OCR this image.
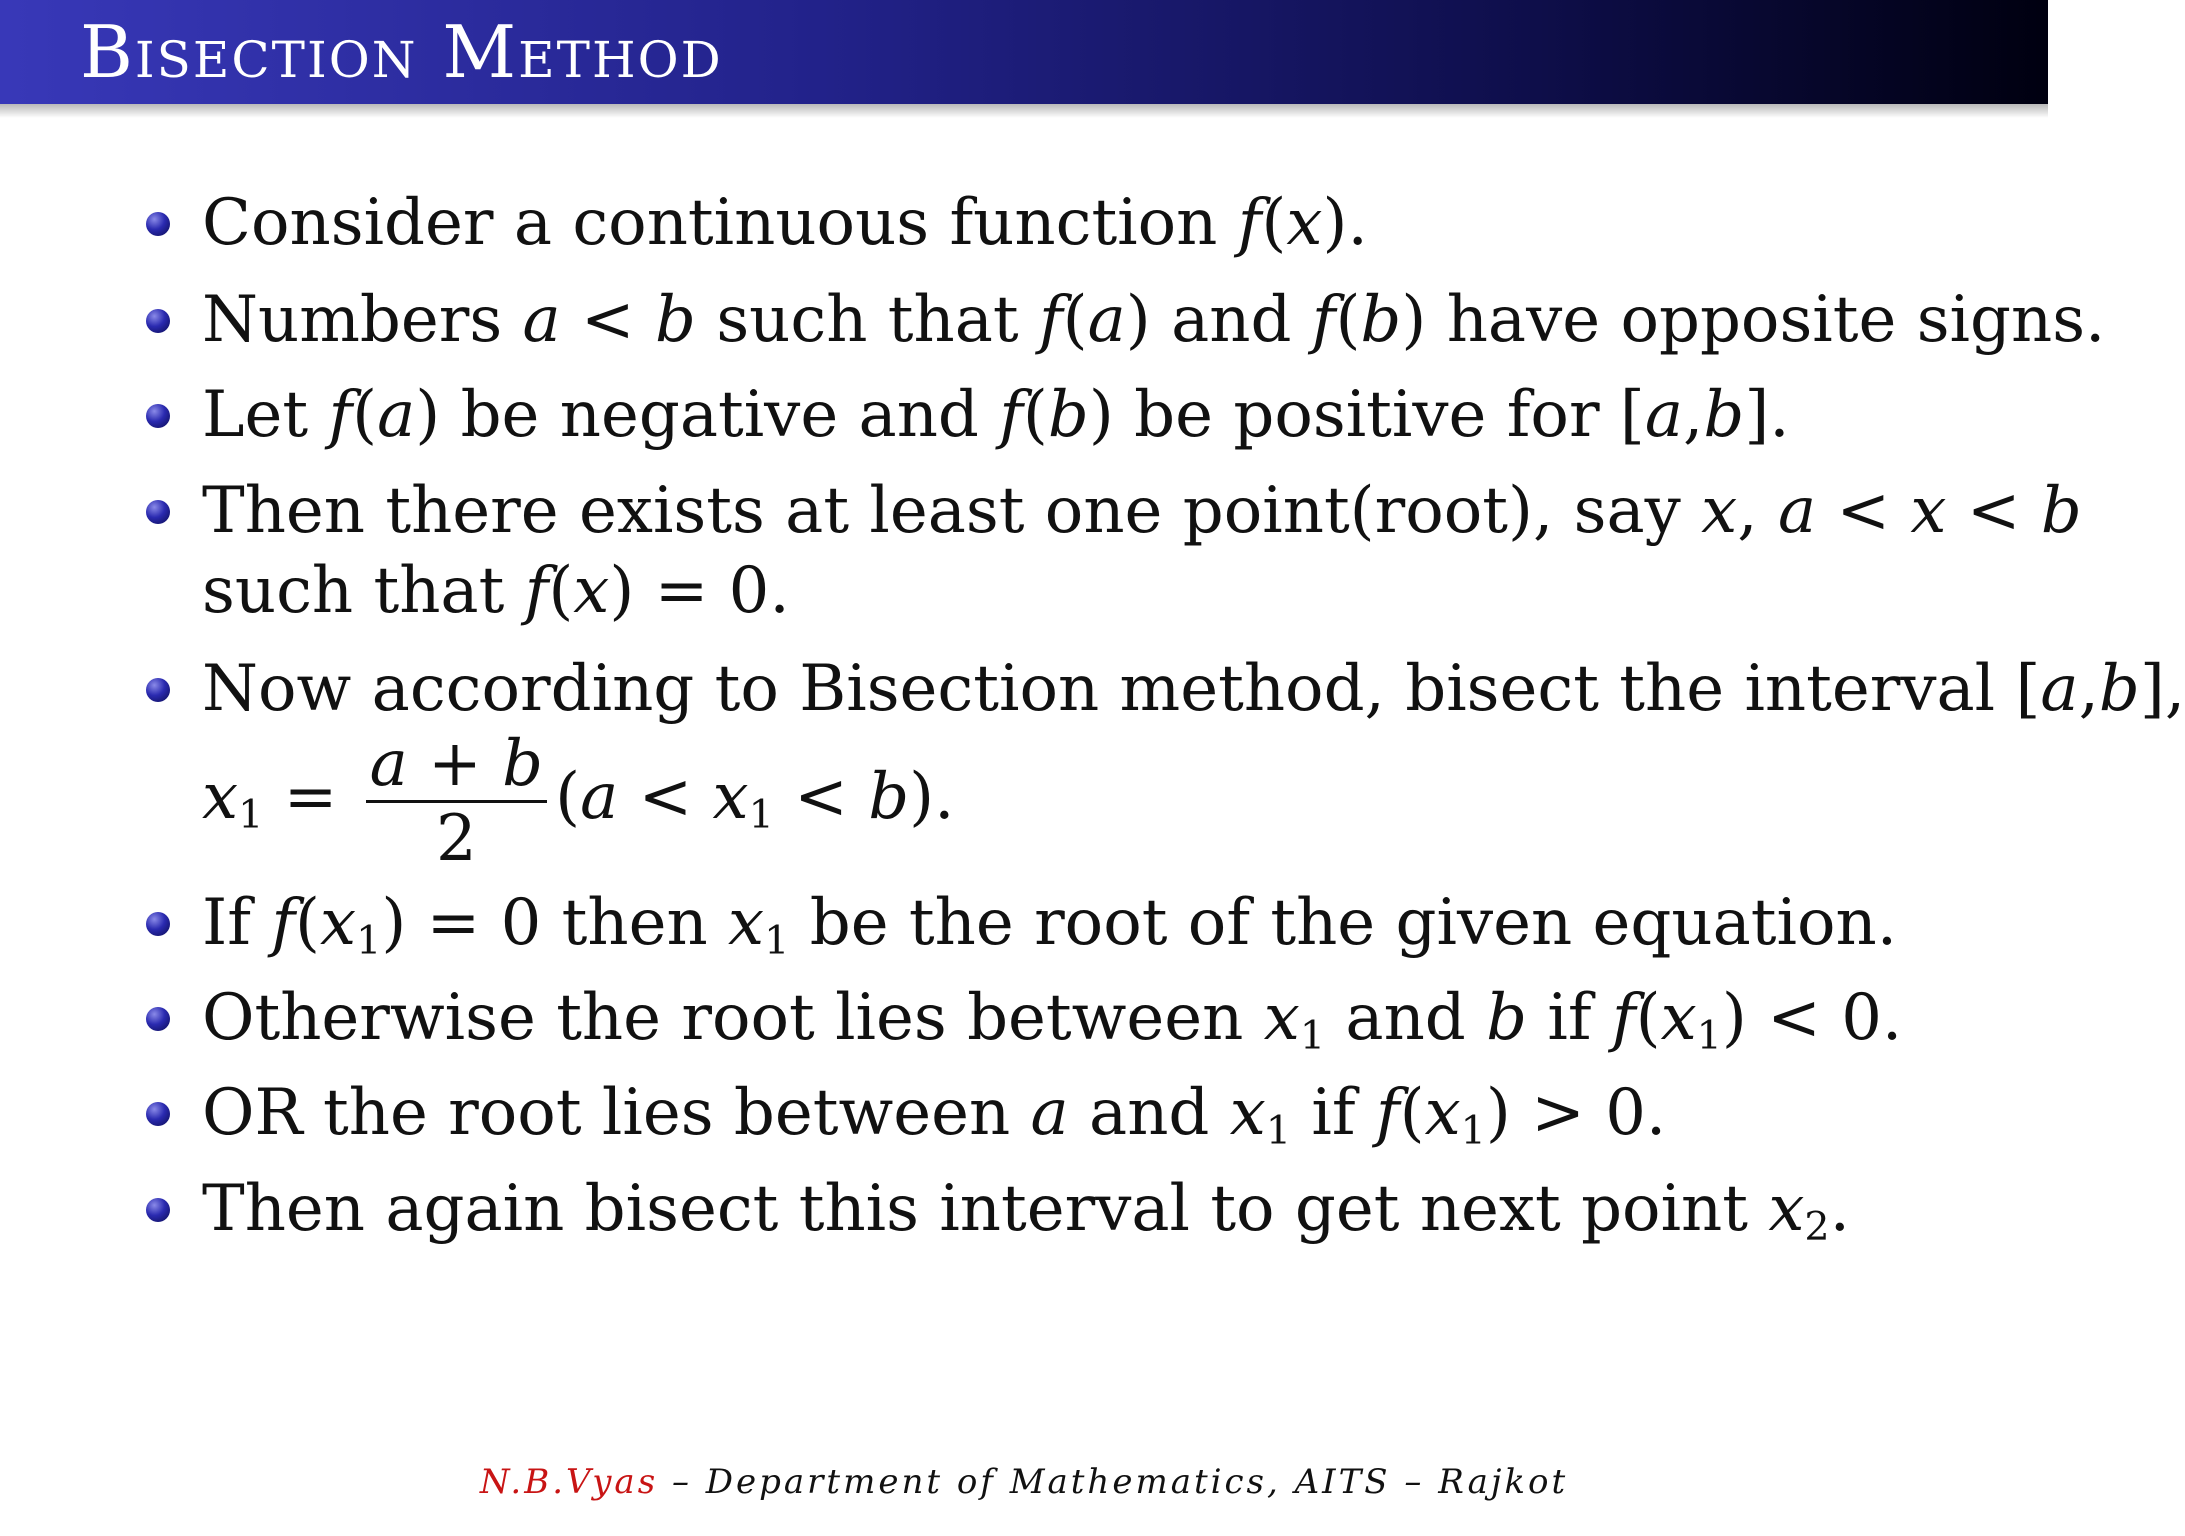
Bisection Method
Consider a continuous function f(x).
Numbers a < b such that f(a) and f(b) have opposite signs.
Let f(a) be negative and f(b) be positive for [a,b].
Then there exists at least one point(root), say x, a < x < b
such that f(x) = 0.
Now according to Bisection method, bisect the interval [a,b],
$x_1 = \frac{a + b}{2} (a < x_1 < b)$.
If $f(x_1) = 0$ then $x_1$ be the root of the given equation.
Otherwise the root lies between $x_1$ and b if $f(x_1) < 0$.
OR the root lies between a and $x_1$ if $f(x_1) > 0$.
Then again bisect this interval to get next point $x_2$.
N.B.Vyas – Department of Mathematics, AITS – Rajkot
